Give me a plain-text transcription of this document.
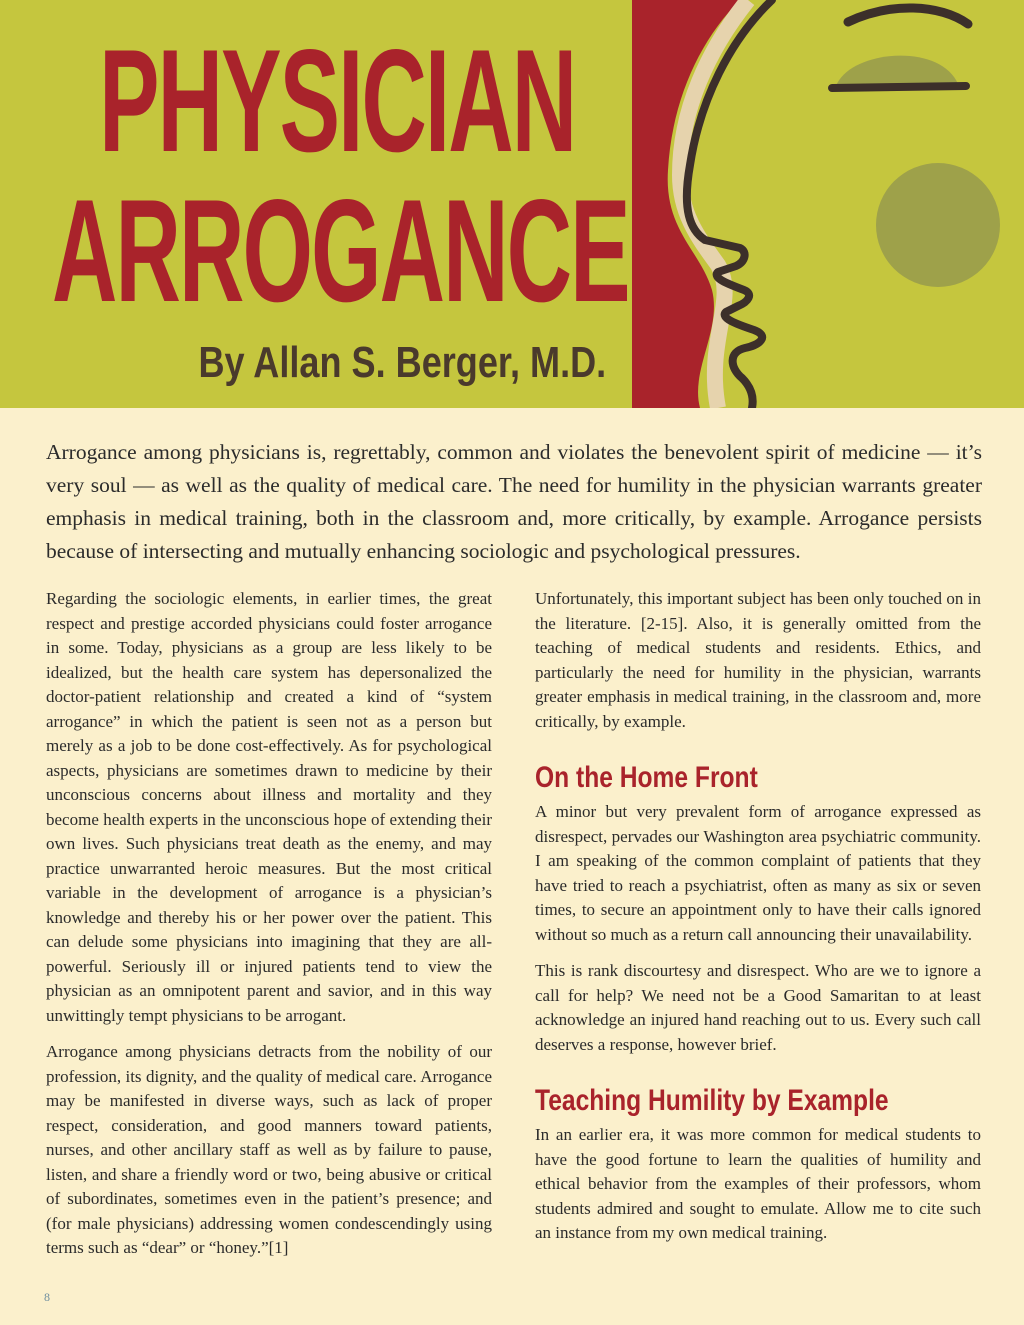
PHYSICIAN
ARROGANCE
By Allan S. Berger, M.D.
Arrogance among physicians is, regrettably, common and violates the benevolent spirit of medicine — it’s very soul — as well as the quality of medical care. The need for humility in the physician warrants greater emphasis in medical training, both in the classroom and, more critically, by example. Arrogance persists because of intersecting and mutually enhancing sociologic and psychological pressures.

Regarding the sociologic elements, in earlier times, the great respect and prestige accorded physicians could foster arrogance in some. Today, physicians as a group are less likely to be idealized, but the health care system has depersonalized the doctor-patient relationship and created a kind of “system arrogance” in which the patient is seen not as a person but merely as a job to be done cost-effectively. As for psychological aspects, physicians are sometimes drawn to medicine by their unconscious concerns about illness and mortality and they become health experts in the unconscious hope of extending their own lives. Such physicians treat death as the enemy, and may practice unwarranted heroic measures. But the most critical variable in the development of arrogance is a physician’s knowledge and thereby his or her power over the patient. This can delude some physicians into imagining that they are all-powerful. Seriously ill or injured patients tend to view the physician as an omnipotent parent and savior, and in this way unwittingly tempt physicians to be arrogant.

Arrogance among physicians detracts from the nobility of our profession, its dignity, and the quality of medical care. Arrogance may be manifested in diverse ways, such as lack of proper respect, consideration, and good manners toward patients, nurses, and other ancillary staff as well as by failure to pause, listen, and share a friendly word or two, being abusive or critical of subordinates, sometimes even in the patient’s presence; and (for male physicians) addressing women condescendingly using terms such as “dear” or “honey.”[1]

Unfortunately, this important subject has been only touched on in the literature. [2-15]. Also, it is generally omitted from the teaching of medical students and residents. Ethics, and particularly the need for humility in the physician, warrants greater emphasis in medical training, in the classroom and, more critically, by example.

On the Home Front

A minor but very prevalent form of arrogance expressed as disrespect, pervades our Washington area psychiatric community. I am speaking of the common complaint of patients that they have tried to reach a psychiatrist, often as many as six or seven times, to secure an appointment only to have their calls ignored without so much as a return call announcing their unavailability.

This is rank discourtesy and disrespect. Who are we to ignore a call for help? We need not be a Good Samaritan to at least acknowledge an injured hand reaching out to us. Every such call deserves a response, however brief.

Teaching Humility by Example

In an earlier era, it was more common for medical students to have the good fortune to learn the qualities of humility and ethical behavior from the examples of their professors, whom students admired and sought to emulate. Allow me to cite such an instance from my own medical training.

8
